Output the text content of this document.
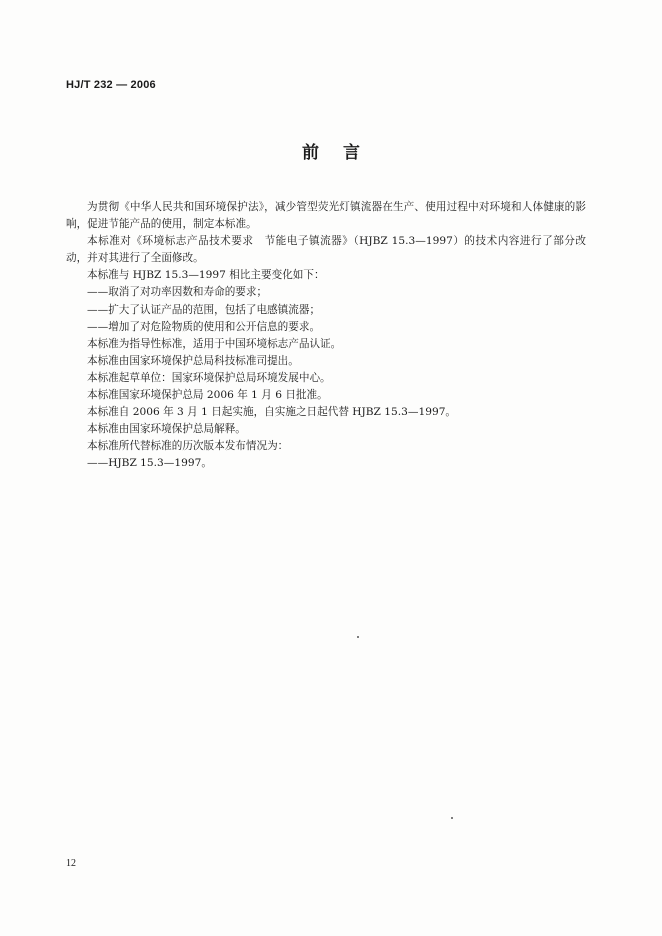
HJ/T 232 — 2006
前言

为贯彻《中华人民共和国环境保护法》，减少管型荧光灯镇流器在生产、使用过程中对环境和人体健康的影响，促进节能产品的使用，制定本标准。

本标准对《环境标志产品技术要求　节能电子镇流器》（HJBZ 15.3—1997）的技术内容进行了部分改动，并对其进行了全面修改。

本标准与 HJBZ 15.3—1997 相比主要变化如下：

——取消了对功率因数和寿命的要求；

——扩大了认证产品的范围，包括了电感镇流器；

——增加了对危险物质的使用和公开信息的要求。

本标准为指导性标准，适用于中国环境标志产品认证。

本标准由国家环境保护总局科技标准司提出。

本标准起草单位：国家环境保护总局环境发展中心。

本标准国家环境保护总局 2006 年 1 月 6 日批准。

本标准自 2006 年 3 月 1 日起实施，自实施之日起代替 HJBZ 15.3—1997。

本标准由国家环境保护总局解释。

本标准所代替标准的历次版本发布情况为：

——HJBZ 15.3—1997。

12
